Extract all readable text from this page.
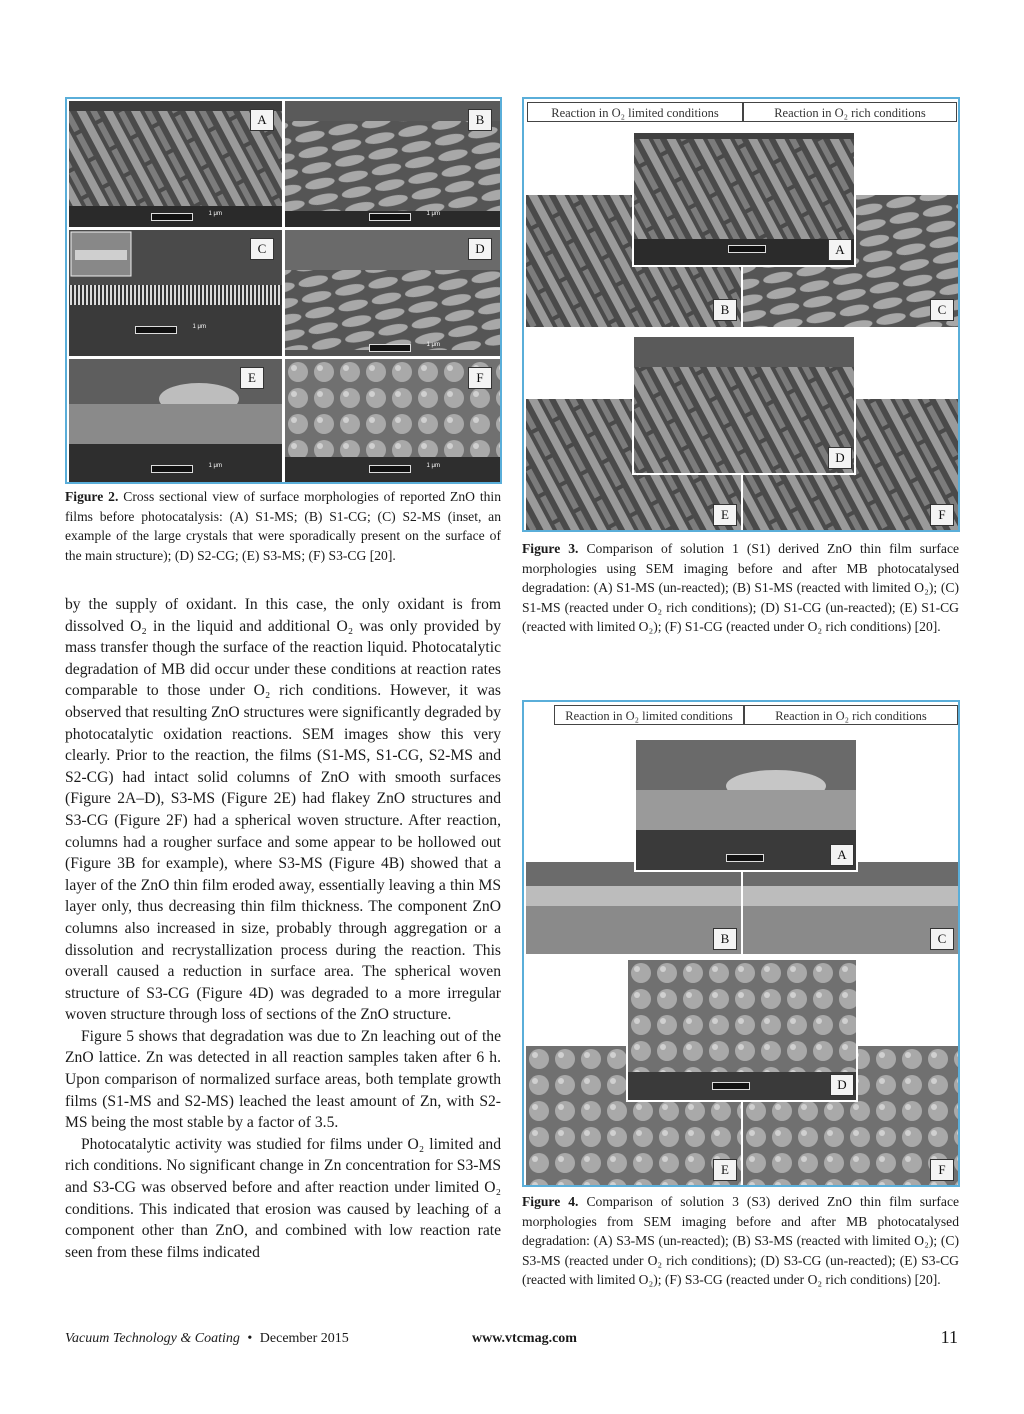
A
1 μm
B
1 μm
C
1 μm
D
1 μm
E
1 μm
F
1 μm
Figure 2. Cross sectional view of surface morphologies of reported ZnO thin films before photocatalysis: (A) S1-MS; (B) S1-CG; (C) S2-MS (inset, an example of the large crystals that were sporadically present on the surface of the main structure); (D) S2-CG; (E) S3-MS; (F) S3-CG [20].
Reaction in O₂ limited conditions	Reaction in O₂ rich conditions
B	C
A
E	F
D
Figure 3. Comparison of solution 1 (S1) derived ZnO thin film surface morphologies using SEM imaging before and after MB photocatalysed degradation: (A) S1-MS (un-reacted); (B) S1-MS (reacted with limited O₂); (C) S1-MS (reacted under O₂ rich conditions); (D) S1-CG (un-reacted); (E) S1-CG (reacted with limited O₂); (F) S1-CG (reacted under O₂ rich conditions) [20].
Reaction in O₂ limited conditions	Reaction in O₂ rich conditions
B	C
A
E	F
D
Figure 4. Comparison of solution 3 (S3) derived ZnO thin film surface morphologies from SEM imaging before and after MB photocatalysed degradation: (A) S3-MS (un-reacted); (B) S3-MS (reacted with limited O₂); (C) S3-MS (reacted under O₂ rich conditions); (D) S3-CG (un-reacted); (E) S3-CG (reacted with limited O₂); (F) S3-CG (reacted under O₂ rich conditions) [20].

by the supply of oxidant. In this case, the only oxidant is from dissolved O₂ in the liquid and additional O₂ was only provided by mass transfer though the surface of the reaction liquid. Photocatalytic degradation of MB did occur under these conditions at reaction rates comparable to those under O₂ rich conditions. However, it was observed that resulting ZnO structures were significantly degraded by photocatalytic oxidation reactions. SEM images show this very clearly. Prior to the reaction, the films (S1-MS, S1-CG, S2-MS and S2-CG) had intact solid columns of ZnO with smooth surfaces (Figure 2A–D), S3-MS (Figure 2E) had flakey ZnO structures and S3-CG (Figure 2F) had a spherical woven structure. After reaction, columns had a rougher surface and some appear to be hollowed out (Figure 3B for example), where S3-MS (Figure 4B) showed that a layer of the ZnO thin film eroded away, essentially leaving a thin MS layer only, thus decreasing thin film thickness. The component ZnO columns also increased in size, probably through aggregation or a dissolution and recrystallization process during the reaction. This overall caused a reduction in surface area. The spherical woven structure of S3-CG (Figure 4D) was degraded to a more irregular woven structure through loss of sections of the ZnO structure.

Figure 5 shows that degradation was due to Zn leaching out of the ZnO lattice. Zn was detected in all reaction samples taken after 6 h. Upon comparison of normalized surface areas, both template growth films (S1-MS and S2-MS) leached the least amount of Zn, with S2-MS being the most stable by a factor of 3.5.

Photocatalytic activity was studied for films under O₂ limited and rich conditions. No significant change in Zn concentration for S3-MS and S3-CG was observed before and after reaction under limited O₂ conditions. This indicated that erosion was caused by leaching of a component other than ZnO, and combined with low reaction rate seen from these films indicated

Vacuum Technology & Coating • December 2015	www.vtcmag.com	11
